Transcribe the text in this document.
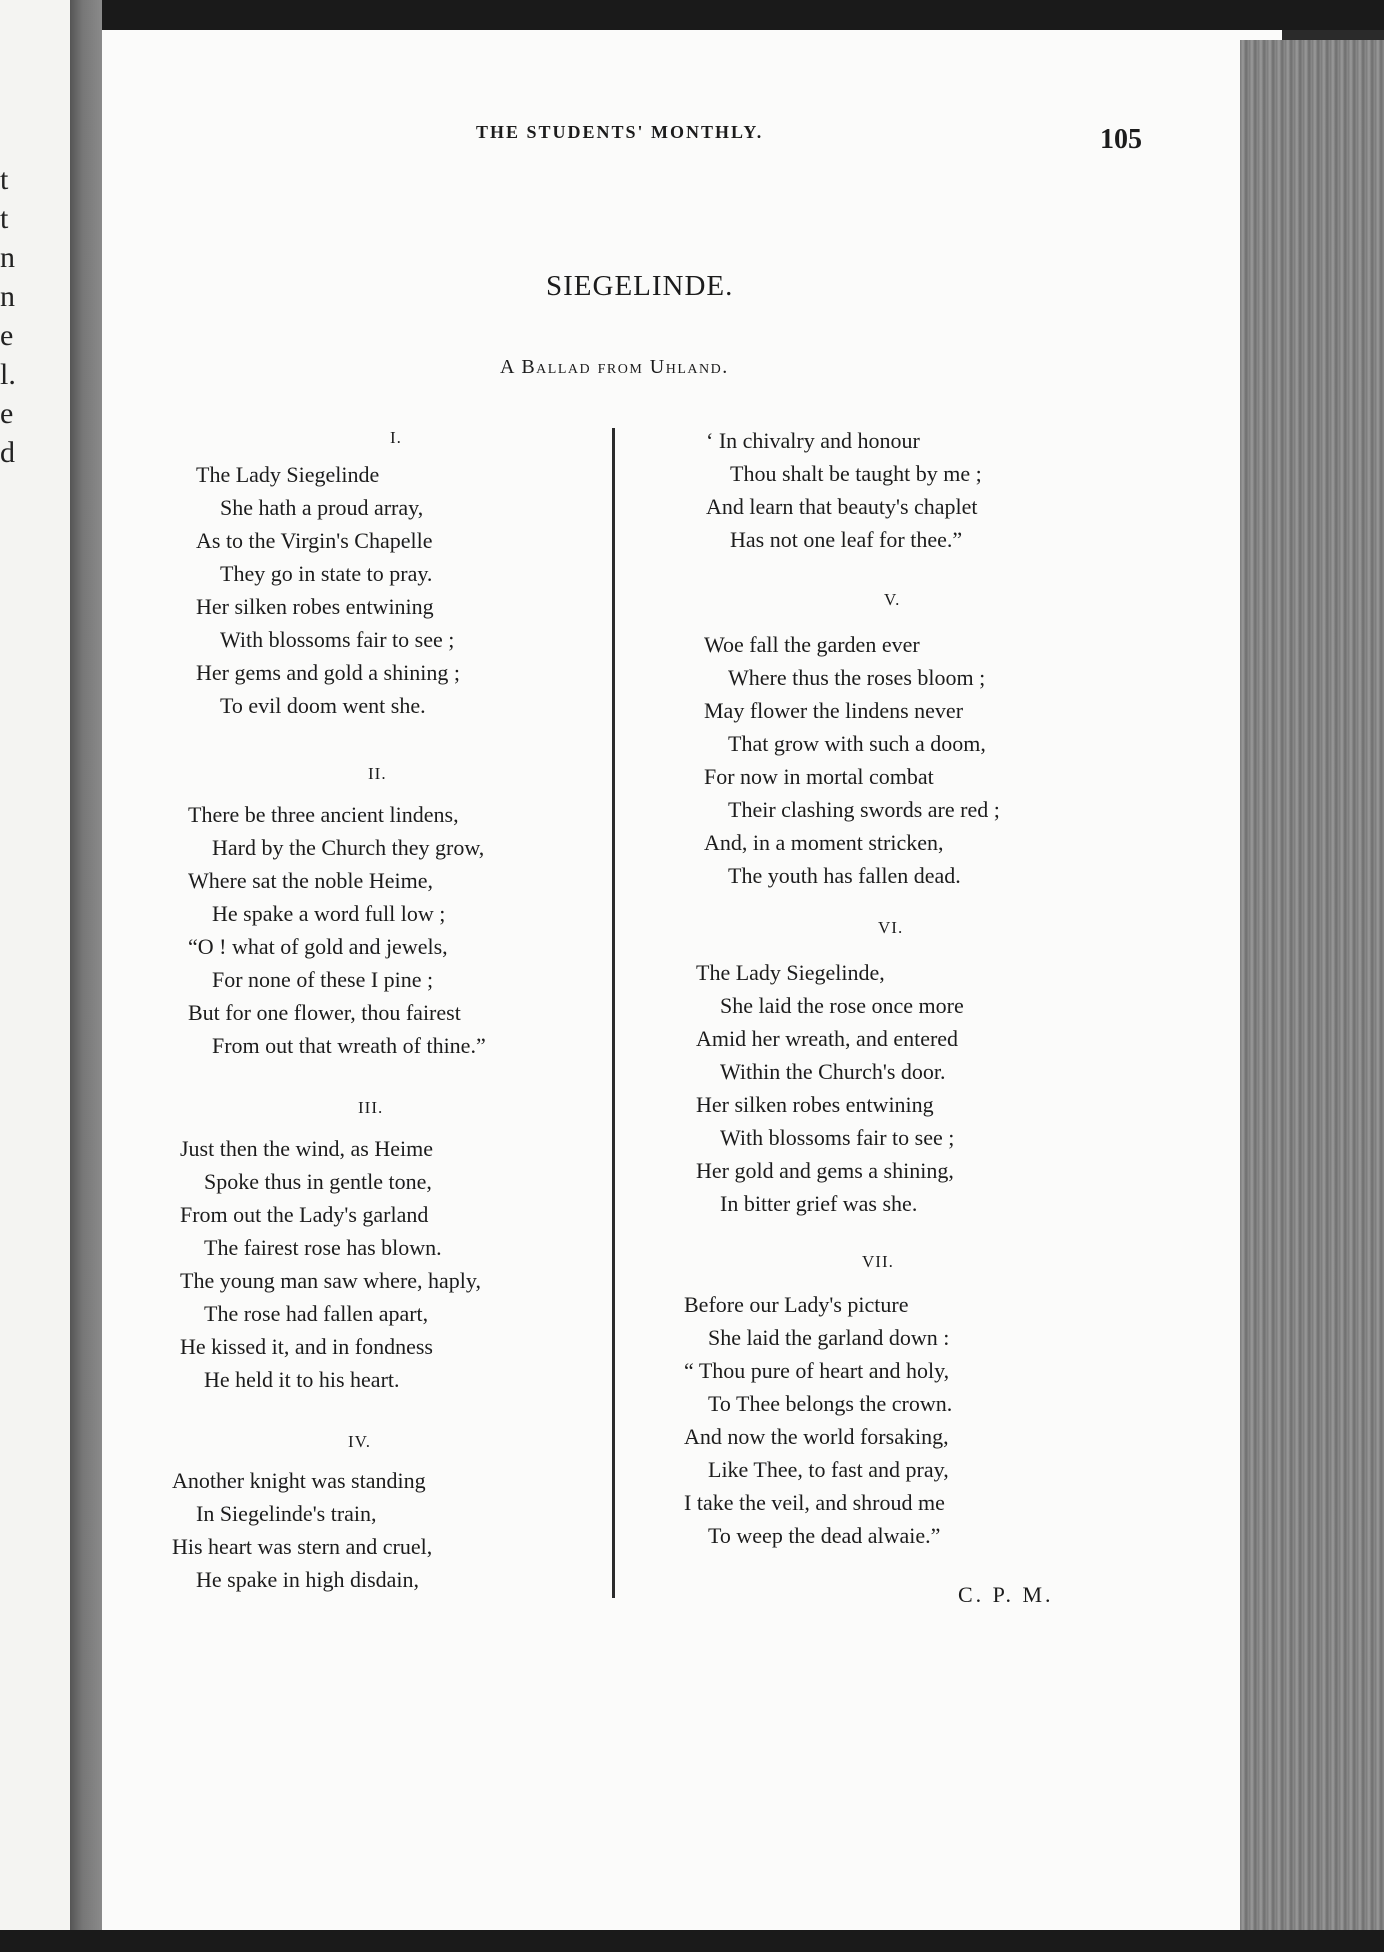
t
t
n
n
e
l.
e
d
THE STUDENTS' MONTHLY.	105
SIEGELINDE.
A Ballad from Uhland.
I.
The Lady Siegelinde
She hath a proud array,
As to the Virgin's Chapelle
They go in state to pray.
Her silken robes entwining
With blossoms fair to see ;
Her gems and gold a shining ;
To evil doom went she.
II.
There be three ancient lindens,
Hard by the Church they grow,
Where sat the noble Heime,
He spake a word full low ;
“O ! what of gold and jewels,
For none of these I pine ;
But for one flower, thou fairest
From out that wreath of thine.”
III.
Just then the wind, as Heime
Spoke thus in gentle tone,
From out the Lady's garland
The fairest rose has blown.
The young man saw where, haply,
The rose had fallen apart,
He kissed it, and in fondness
He held it to his heart.
IV.
Another knight was standing
In Siegelinde's train,
His heart was stern and cruel,
He spake in high disdain,
‘ In chivalry and honour
Thou shalt be taught by me ;
And learn that beauty's chaplet
Has not one leaf for thee.”
V.
Woe fall the garden ever
Where thus the roses bloom ;
May flower the lindens never
That grow with such a doom,
For now in mortal combat
Their clashing swords are red ;
And, in a moment stricken,
The youth has fallen dead.
VI.
The Lady Siegelinde,
She laid the rose once more
Amid her wreath, and entered
Within the Church's door.
Her silken robes entwining
With blossoms fair to see ;
Her gold and gems a shining,
In bitter grief was she.
VII.
Before our Lady's picture
She laid the garland down :
“ Thou pure of heart and holy,
To Thee belongs the crown.
And now the world forsaking,
Like Thee, to fast and pray,
I take the veil, and shroud me
To weep the dead alwaie.”
C. P. M.
